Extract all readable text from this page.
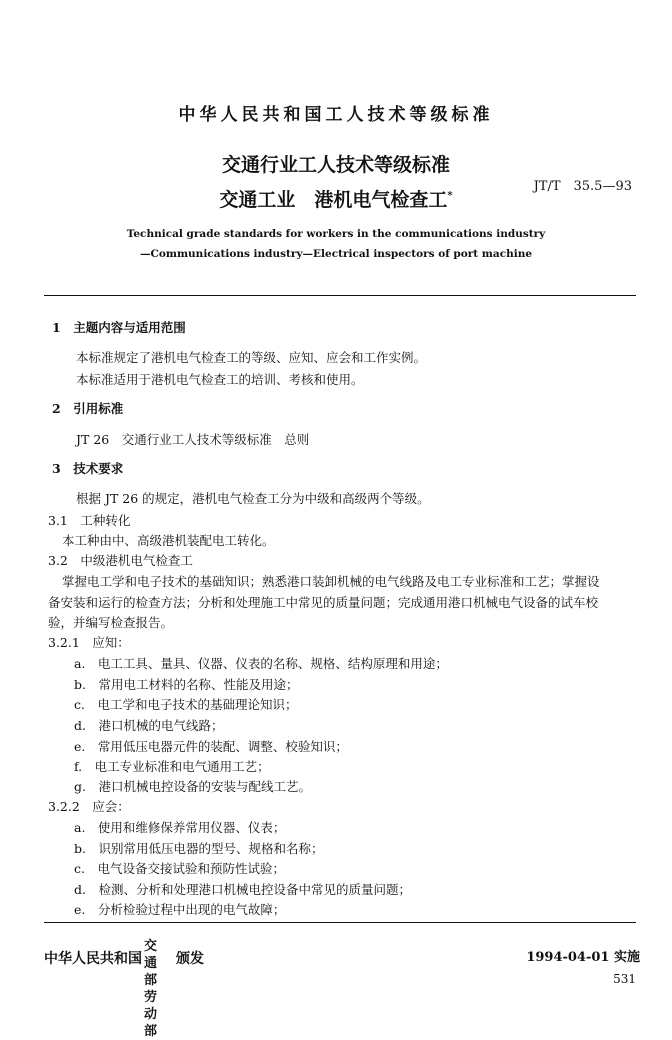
中华人民共和国工人技术等级标准
交通行业工人技术等级标准
交通工业　港机电气检查工*
JT/T　35.5—93
Technical grade standards for workers in the communications industry
—Communications industry—Electrical inspectors of port machine
1　主题内容与适用范围
本标准规定了港机电气检查工的等级、应知、应会和工作实例。
本标准适用于港机电气检查工的培训、考核和使用。
2　引用标准
JT 26　交通行业工人技术等级标准　总则
3　技术要求
根据 JT 26 的规定，港机电气检查工分为中级和高级两个等级。
3.1　工种转化
本工种由中、高级港机装配电工转化。
3.2　中级港机电气检查工
掌握电工学和电子技术的基础知识；熟悉港口装卸机械的电气线路及电工专业标准和工艺；掌握设
备安装和运行的检查方法；分析和处理施工中常见的质量问题；完成通用港口机械电气设备的试车校
验，并编写检查报告。
3.2.1　应知：
a.　电工工具、量具、仪器、仪表的名称、规格、结构原理和用途；
b.　常用电工材料的名称、性能及用途；
c.　电工学和电子技术的基础理论知识；
d.　港口机械的电气线路；
e.　常用低压电器元件的装配、调整、校验知识；
f.　电工专业标准和电气通用工艺；
g.　港口机械电控设备的安装与配线工艺。
3.2.2　应会：
a.　使用和维修保养常用仪器、仪表；
b.　识别常用低压电器的型号、规格和名称；
c.　电气设备交接试验和预防性试验；
d.　检测、分析和处理港口机械电控设备中常见的质量问题；
e.　分析检验过程中出现的电气故障；
中华人民共和国
交通部
劳动部
颁发	1994-04-01 实施
531
